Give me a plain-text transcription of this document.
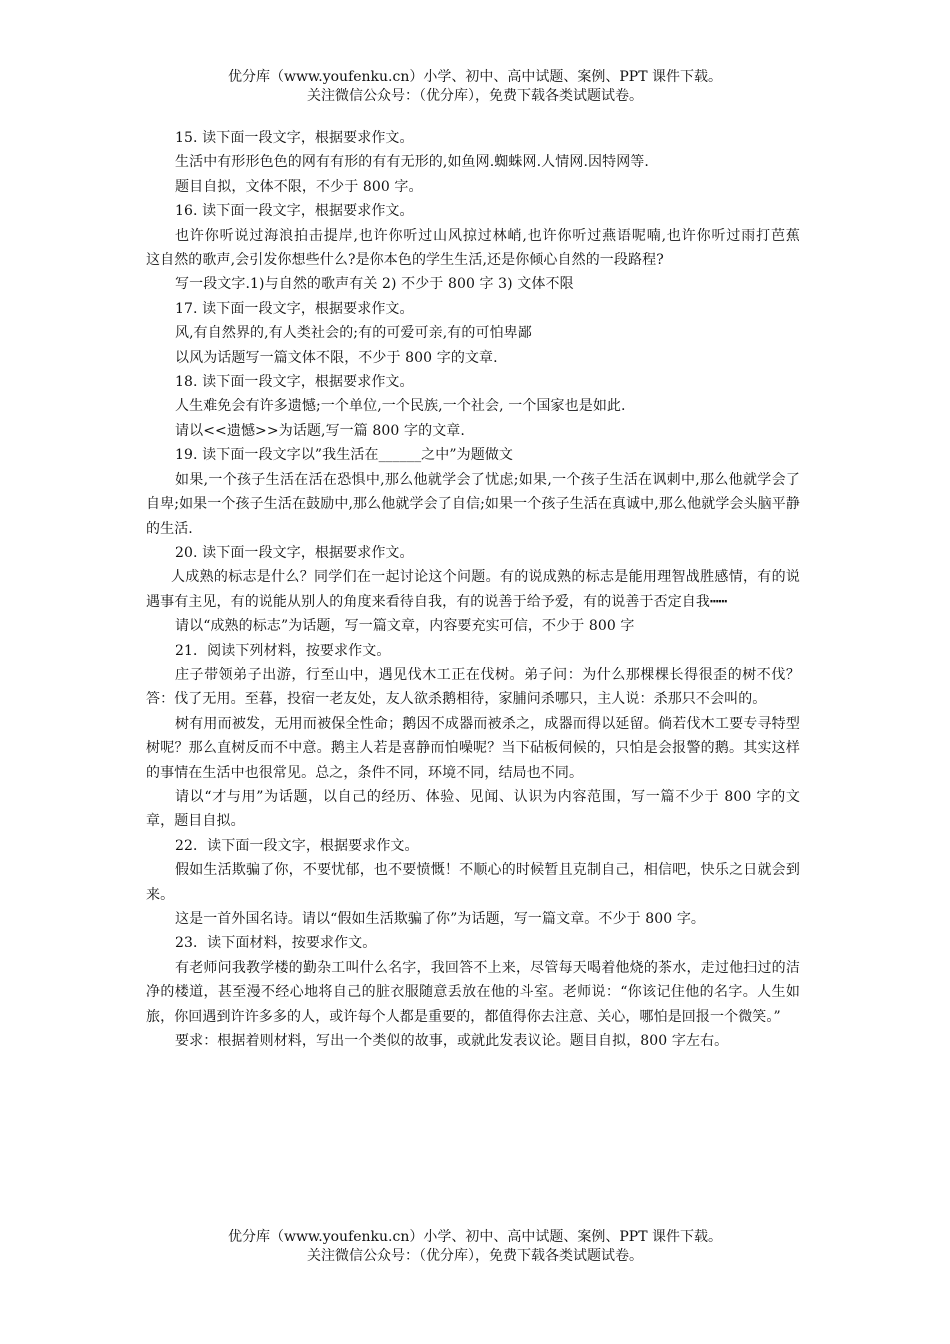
优分库（www.youfenku.cn）小学、初中、高中试题、案例、PPT 课件下载。
关注微信公众号：（优分库），免费下载各类试题试卷。

15. 读下面一段文字，根据要求作文。

生活中有形形色色的网有有形的有有无形的,如鱼网.蜘蛛网.人情网.因特网等.

题目自拟，文体不限，不少于 800 字。

16. 读下面一段文字，根据要求作文。

也许你听说过海浪拍击提岸,也许你听过山风掠过林峭,也许你听过燕语呢喃,也许你听过雨打芭蕉　　这自然的歌声,会引发你想些什么?是你本色的学生生活,还是你倾心自然的一段路程?

写一段文字.1)与自然的歌声有关 2) 不少于 800 字 3) 文体不限

17. 读下面一段文字，根据要求作文。

风,有自然界的,有人类社会的;有的可爱可亲,有的可怕卑鄙

以风为话题写一篇文体不限，不少于 800 字的文章.

18. 读下面一段文字，根据要求作文。

人生难免会有许多遗憾;一个单位,一个民族,一个社会, 一个国家也是如此.

请以<<遗憾>>为话题,写一篇 800 字的文章.

19. 读下面一段文字以”我生活在______之中”为题做文

如果,一个孩子生活在活在恐惧中,那么他就学会了忧虑;如果,一个孩子生活在讽刺中,那么他就学会了自卑;如果一个孩子生活在鼓励中,那么他就学会了自信;如果一个孩子生活在真诚中,那么他就学会头脑平静的生活.

20. 读下面一段文字，根据要求作文。

人成熟的标志是什么？同学们在一起讨论这个问题。有的说成熟的标志是能用理智战胜感情，有的说遇事有主见，有的说能从别人的角度来看待自我，有的说善于给予爱，有的说善于否定自我┅┅

请以“成熟的标志”为话题，写一篇文章，内容要充实可信，不少于 800 字

21．阅读下列材料，按要求作文。

庄子带领弟子出游，行至山中，遇见伐木工正在伐树。弟子问：为什么那棵棵长得很歪的树不伐？答：伐了无用。至暮，投宿一老友处，友人欲杀鹅相待，家脯问杀哪只，主人说：杀那只不会叫的。

树有用而被发，无用而被保全性命；鹅因不成器而被杀之，成器而得以延留。倘若伐木工要专寻特型树呢？那么直树反而不中意。鹅主人若是喜静而怕噪呢？当下砧板伺候的，只怕是会报警的鹅。其实这样的事情在生活中也很常见。总之，条件不同，环境不同，结局也不同。

请以“才与用”为话题，以自己的经历、体验、见闻、认识为内容范围，写一篇不少于 800 字的文章，题目自拟。

22．读下面一段文字，根据要求作文。

假如生活欺骗了你，不要忧郁，也不要愤慨！不顺心的时候暂且克制自己，相信吧，快乐之日就会到来。

这是一首外国名诗。请以“假如生活欺骗了你”为话题，写一篇文章。不少于 800 字。

23．读下面材料，按要求作文。

有老师问我教学楼的勤杂工叫什么名字，我回答不上来，尽管每天喝着他烧的茶水，走过他扫过的洁净的楼道，甚至漫不经心地将自己的脏衣服随意丢放在他的斗室。老师说：“你该记住他的名字。人生如旅，你回遇到许许多多的人，或许每个人都是重要的，都值得你去注意、关心，哪怕是回报一个微笑。”

要求：根据着则材料，写出一个类似的故事，或就此发表议论。题目自拟，800 字左右。

优分库（www.youfenku.cn）小学、初中、高中试题、案例、PPT 课件下载。
关注微信公众号：（优分库），免费下载各类试题试卷。
